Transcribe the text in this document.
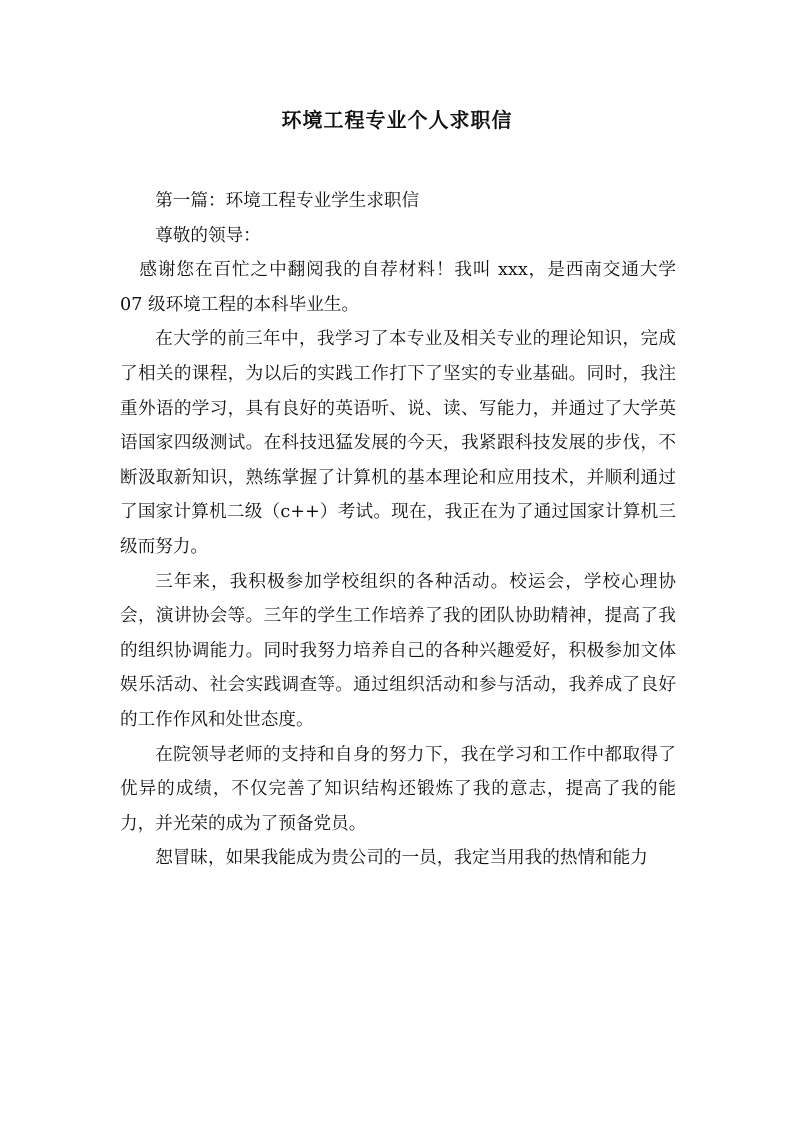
环境工程专业个人求职信

第一篇：环境工程专业学生求职信

尊敬的领导：

感谢您在百忙之中翻阅我的自荐材料！我叫 xxx，是西南交通大学 07 级环境工程的本科毕业生。

在大学的前三年中，我学习了本专业及相关专业的理论知识，完成了相关的课程，为以后的实践工作打下了坚实的专业基础。同时，我注重外语的学习，具有良好的英语听、说、读、写能力，并通过了大学英语国家四级测试。在科技迅猛发展的今天，我紧跟科技发展的步伐，不断汲取新知识，熟练掌握了计算机的基本理论和应用技术，并顺利通过了国家计算机二级（c++）考试。现在，我正在为了通过国家计算机三级而努力。

三年来，我积极参加学校组织的各种活动。校运会，学校心理协会，演讲协会等。三年的学生工作培养了我的团队协助精神，提高了我的组织协调能力。同时我努力培养自己的各种兴趣爱好，积极参加文体娱乐活动、社会实践调查等。通过组织活动和参与活动，我养成了良好的工作作风和处世态度。

在院领导老师的支持和自身的努力下，我在学习和工作中都取得了优异的成绩，不仅完善了知识结构还锻炼了我的意志，提高了我的能力，并光荣的成为了预备党员。

恕冒昧，如果我能成为贵公司的一员，我定当用我的热情和能力
